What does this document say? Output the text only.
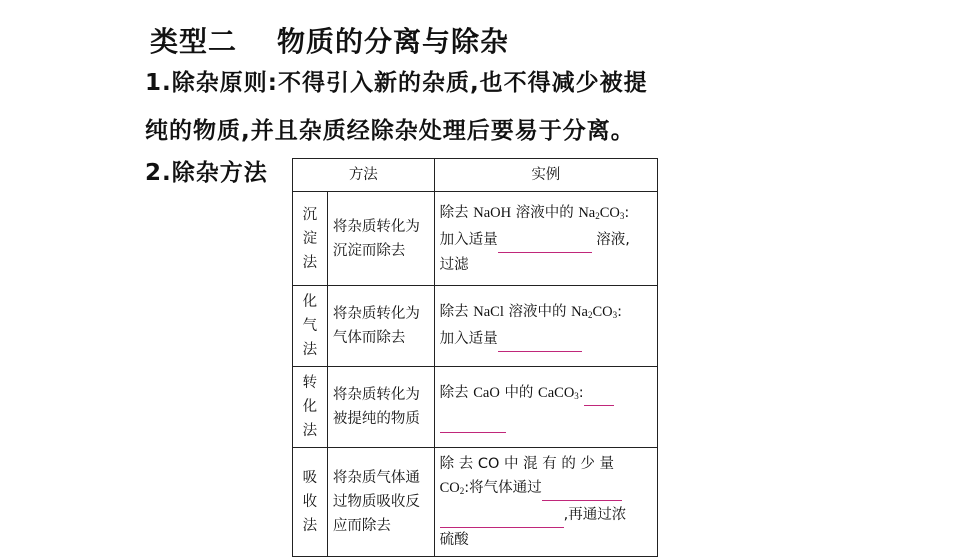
类型二 物质的分离与除杂
1.除杂原则:不得引入新的杂质,也不得减少被提
纯的物质,并且杂质经除杂处理后要易于分离。
2.除杂方法	方法		实例
沉淀法	将杂质转化为沉淀而除去	除去 NaOH 溶液中的 $Na_2CO_3$:
加入适量 溶液,
过滤
化气法	将杂质转化为气体而除去	除去 NaCl 溶液中的 $Na_2CO_3$:
加入适量
转化法	将杂质转化为被提纯的物质	除去 CaO 中的 CaCO$_3$:

吸收法	将杂质气体通过物质吸收反应而除去	除 去 CO 中 混 有 的 少 量
$CO_2$:将气体通过
,再通过浓
硫酸
